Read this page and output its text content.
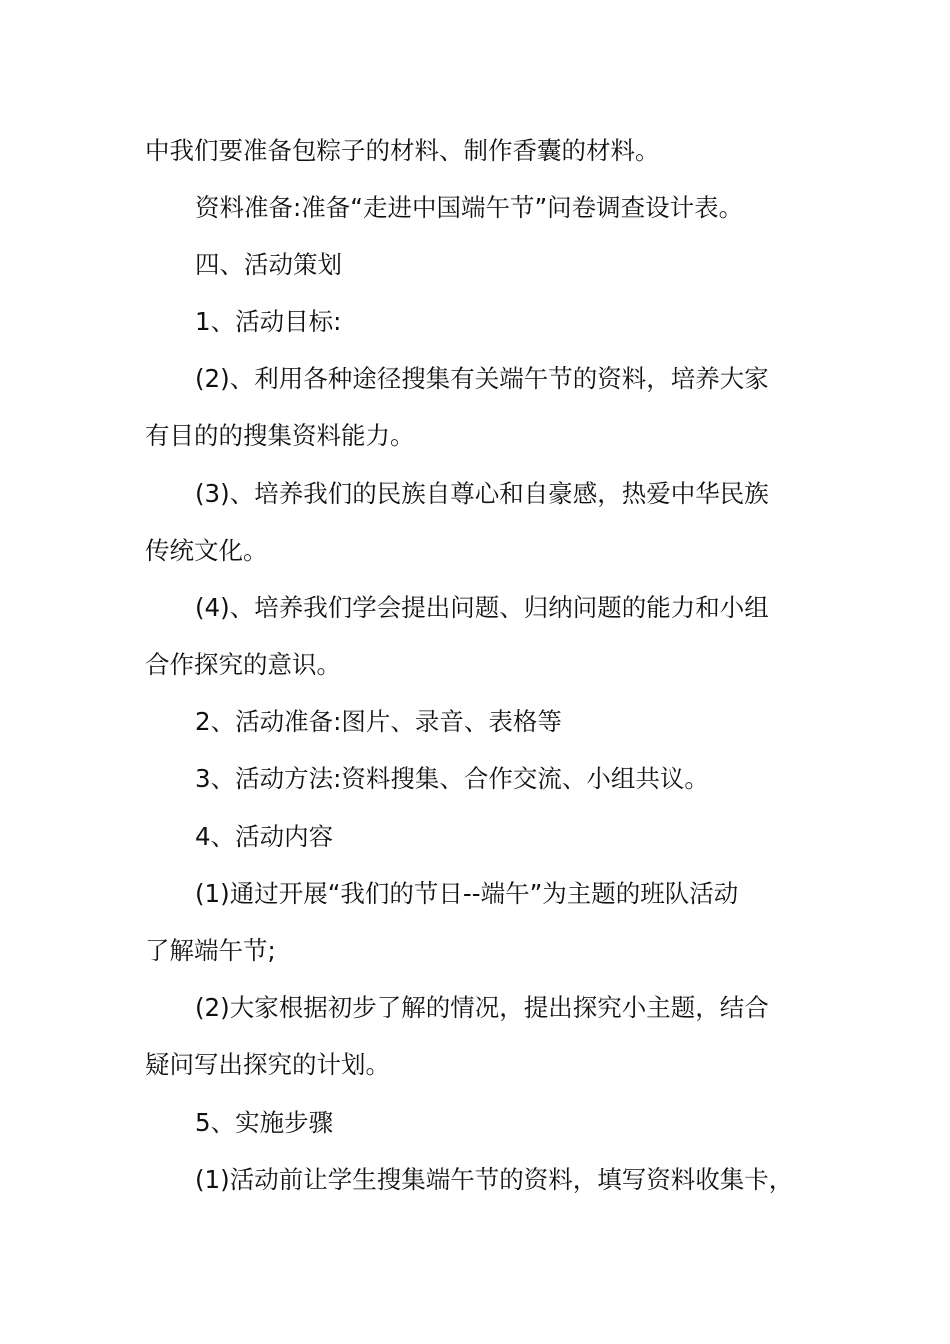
中我们要准备包粽子的材料、制作香囊的材料。
资料准备:准备“走进中国端午节”问卷调查设计表。
四、活动策划
1、活动目标:
(2)、利用各种途径搜集有关端午节的资料，培养大家
有目的的搜集资料能力。
(3)、培养我们的民族自尊心和自豪感，热爱中华民族
传统文化。
(4)、培养我们学会提出问题、归纳问题的能力和小组
合作探究的意识。
2、活动准备:图片、录音、表格等
3、活动方法:资料搜集、合作交流、小组共议。
4、活动内容
(1)通过开展“我们的节日--端午”为主题的班队活动
了解端午节;
(2)大家根据初步了解的情况，提出探究小主题，结合
疑问写出探究的计划。
5、实施步骤
(1)活动前让学生搜集端午节的资料，填写资料收集卡，
